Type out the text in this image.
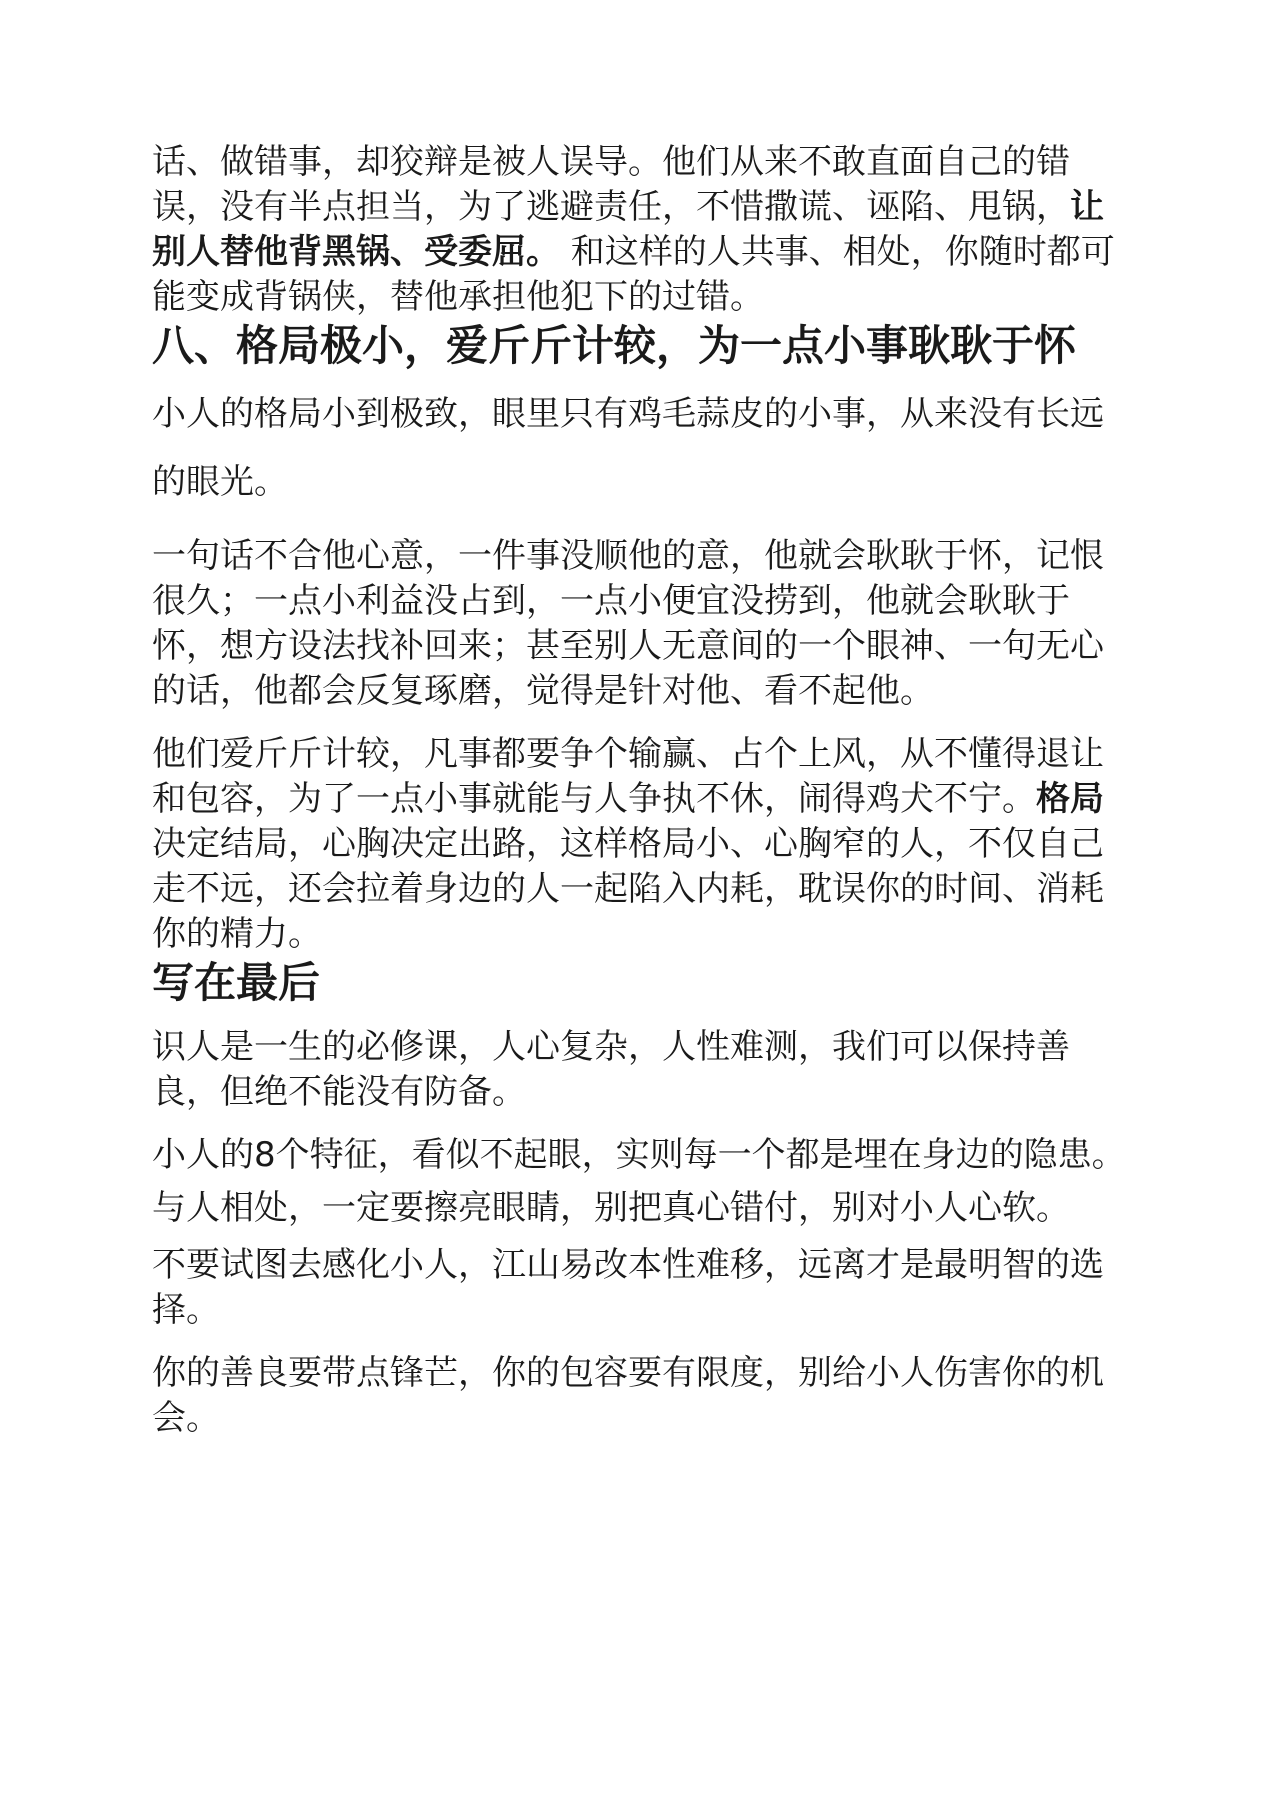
话、做错事，却狡辩是被人误导。他们从来不敢直面自己的错误，没有半点担当，为了逃避责任，不惜撒谎、诬陷、甩锅，让别人替他背黑锅、受委屈。 和这样的人共事、相处，你随时都可能变成背锅侠，替他承担他犯下的过错。

八、格局极小，爱斤斤计较，为一点小事耿耿于怀

小人的格局小到极致，眼里只有鸡毛蒜皮的小事，从来没有长远的眼光。

一句话不合他心意，一件事没顺他的意，他就会耿耿于怀，记恨很久；一点小利益没占到，一点小便宜没捞到，他就会耿耿于怀，想方设法找补回来；甚至别人无意间的一个眼神、一句无心的话，他都会反复琢磨，觉得是针对他、看不起他。

他们爱斤斤计较，凡事都要争个输赢、占个上风，从不懂得退让和包容，为了一点小事就能与人争执不休，闹得鸡犬不宁。格局决定结局，心胸决定出路，这样格局小、心胸窄的人，不仅自己走不远，还会拉着身边的人一起陷入内耗，耽误你的时间、消耗你的精力。

写在最后

识人是一生的必修课，人心复杂，人性难测，我们可以保持善良，但绝不能没有防备。

小人的8个特征，看似不起眼，实则每一个都是埋在身边的隐患。

与人相处，一定要擦亮眼睛，别把真心错付，别对小人心软。

不要试图去感化小人，江山易改本性难移，远离才是最明智的选择。

你的善良要带点锋芒，你的包容要有限度，别给小人伤害你的机会。
